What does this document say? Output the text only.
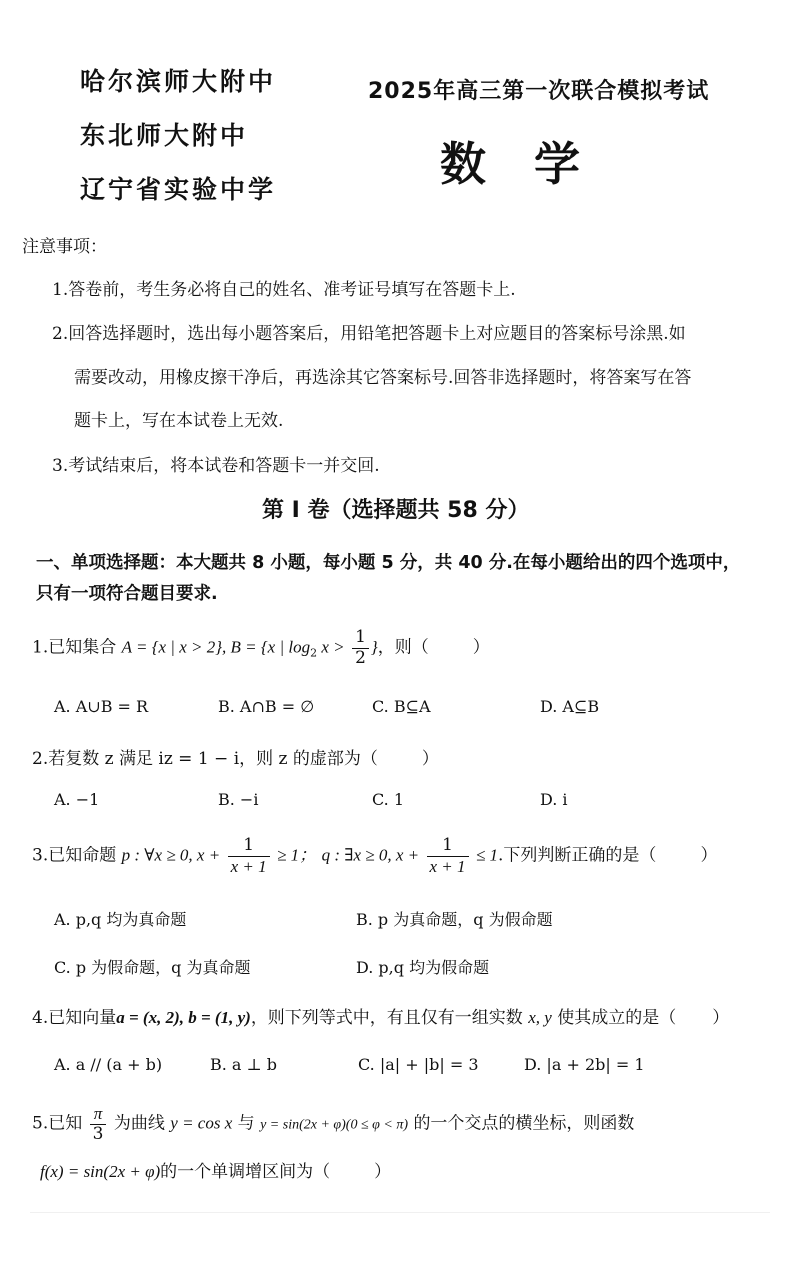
哈尔滨师大附中
东北师大附中
辽宁省实验中学
2025年高三第一次联合模拟考试
数学
注意事项：
1.答卷前，考生务必将自己的姓名、准考证号填写在答题卡上.
2.回答选择题时，选出每小题答案后，用铅笔把答题卡上对应题目的答案标号涂黑.如
需要改动，用橡皮擦干净后，再选涂其它答案标号.回答非选择题时，将答案写在答
题卡上，写在本试卷上无效.
3.考试结束后，将本试卷和答题卡一并交回.
第 I 卷（选择题共 58 分）
一、单项选择题：本大题共 8 小题，每小题 5 分，共 40 分.在每小题给出的四个选项中，
只有一项符合题目要求.
1.已知集合 A = {x | x > 2}, B = {x | $\log_2 x > \frac{1}{2}$ }，则（	）
A. A∪B = R	B. A∩B = ∅	C. B⊆A	D. A⊆B
2.若复数 z 满足 iz = 1 − i，则 z 的虚部为（	）
A. −1	B. −i	C. 1	D. i
3.已知命题 p : ∀x ≥ 0, $x + \frac{1}{x + 1} \ge 1$； q : ∃x ≥ 0, $x + \frac{1}{x + 1} \le 1$.下列判断正确的是（	）
A. p,q 均为真命题	B. p 为真命题，q 为假命题
C. p 为假命题，q 为真命题	D. p,q 均为假命题
4.已知向量a = (x, 2), b = (1, y)，则下列等式中，有且仅有一组实数 x, y 使其成立的是（ ）
A. a // (a + b)	B. a ⊥ b	C. |a| + |b| = 3	D. |a + 2b| = 1
5.已知 $\frac{\pi}{3}$ 为曲线 y = cos x 与 y = sin(2x + φ)(0 ≤ φ < π) 的一个交点的横坐标，则函数
f(x) = sin(2x + φ)的一个单调增区间为（	）
